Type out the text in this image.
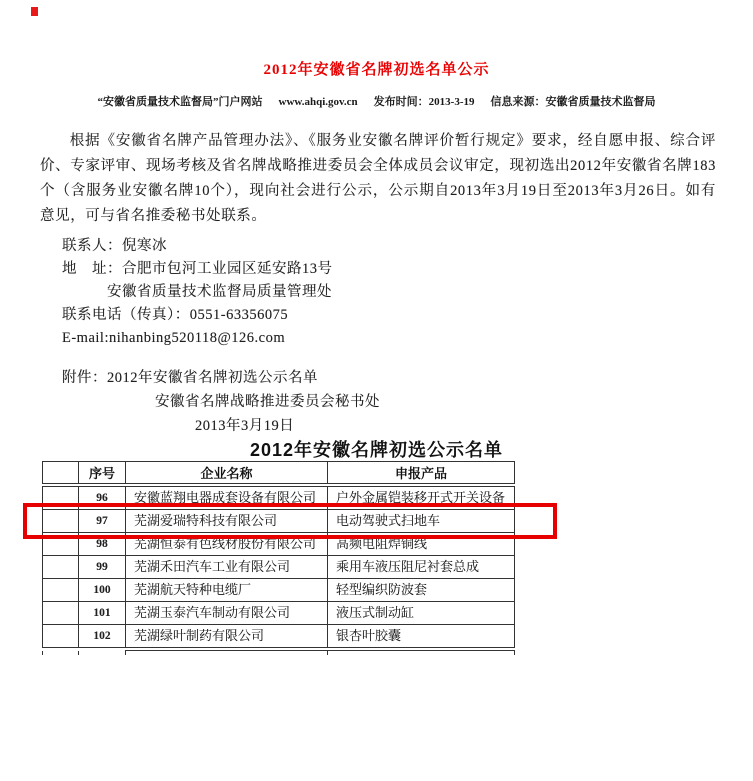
2012年安徽省名牌初选名单公示
“安徽省质量技术监督局”门户网站 www.ahqi.gov.cn 发布时间：2013-3-19 信息来源：安徽省质量技术监督局

根据《安徽省名牌产品管理办法》、《服务业安徽名牌评价暂行规定》要求，经自愿申报、综合评价、专家评审、现场考核及省名牌战略推进委员会全体成员会议审定，现初选出2012年安徽省名牌183个（含服务业安徽名牌10个），现向社会进行公示，公示期自2013年3月19日至2013年3月26日。如有意见，可与省名推委秘书处联系。

联系人：倪寒冰
地　址：合肥市包河工业园区延安路13号
安徽省质量技术监督局质量管理处
联系电话（传真）：0551-63356075
E-mail:nihanbing520118@126.com
附件：2012年安徽省名牌初选公示名单
安徽省名牌战略推进委员会秘书处
2013年3月19日
2012年安徽名牌初选公示名单
	序号	企业名称	申报产品
	96	安徽蓝翔电器成套设备有限公司	户外金属铠装移开式开关设备
	97	芜湖爱瑞特科技有限公司	电动驾驶式扫地车
	98	芜湖恒泰有色线材股份有限公司	高频电阻焊铜线
	99	芜湖禾田汽车工业有限公司	乘用车液压阻尼衬套总成
	100	芜湖航天特种电缆厂	轻型编织防波套
	101	芜湖玉泰汽车制动有限公司	液压式制动缸
	102	芜湖绿叶制药有限公司	银杏叶胶囊
